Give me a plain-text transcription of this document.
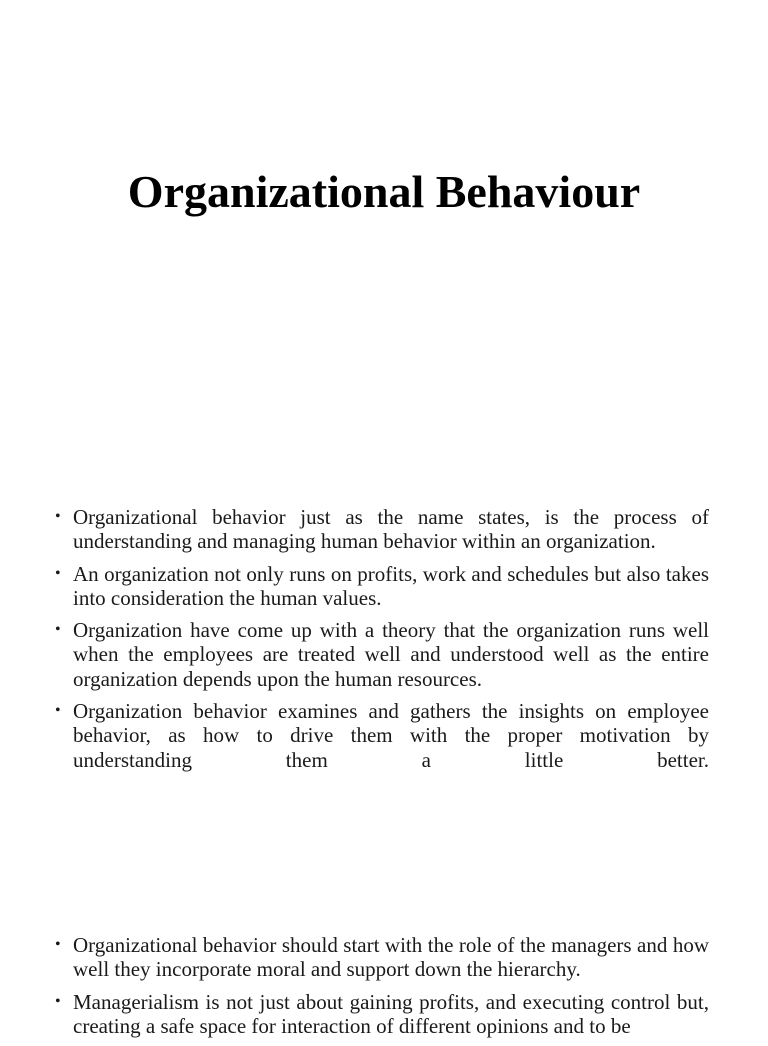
Organizational Behaviour
• Organizational behavior just as the name states, is the process of understanding and managing human behavior within an organization.
• An organization not only runs on profits, work and schedules but also takes into consideration the human values.
• Organization have come up with a theory that the organization runs well when the employees are treated well and understood well as the entire organization depends upon the human resources.
• Organization behavior examines and gathers the insights on employee behavior, as how to drive them with the proper motivation by understanding them a little better.
• Organizational behavior should start with the role of the managers and how well they incorporate moral and support down the hierarchy.
• Managerialism is not just about gaining profits, and executing control but, creating a safe space for interaction of different opinions and to be
